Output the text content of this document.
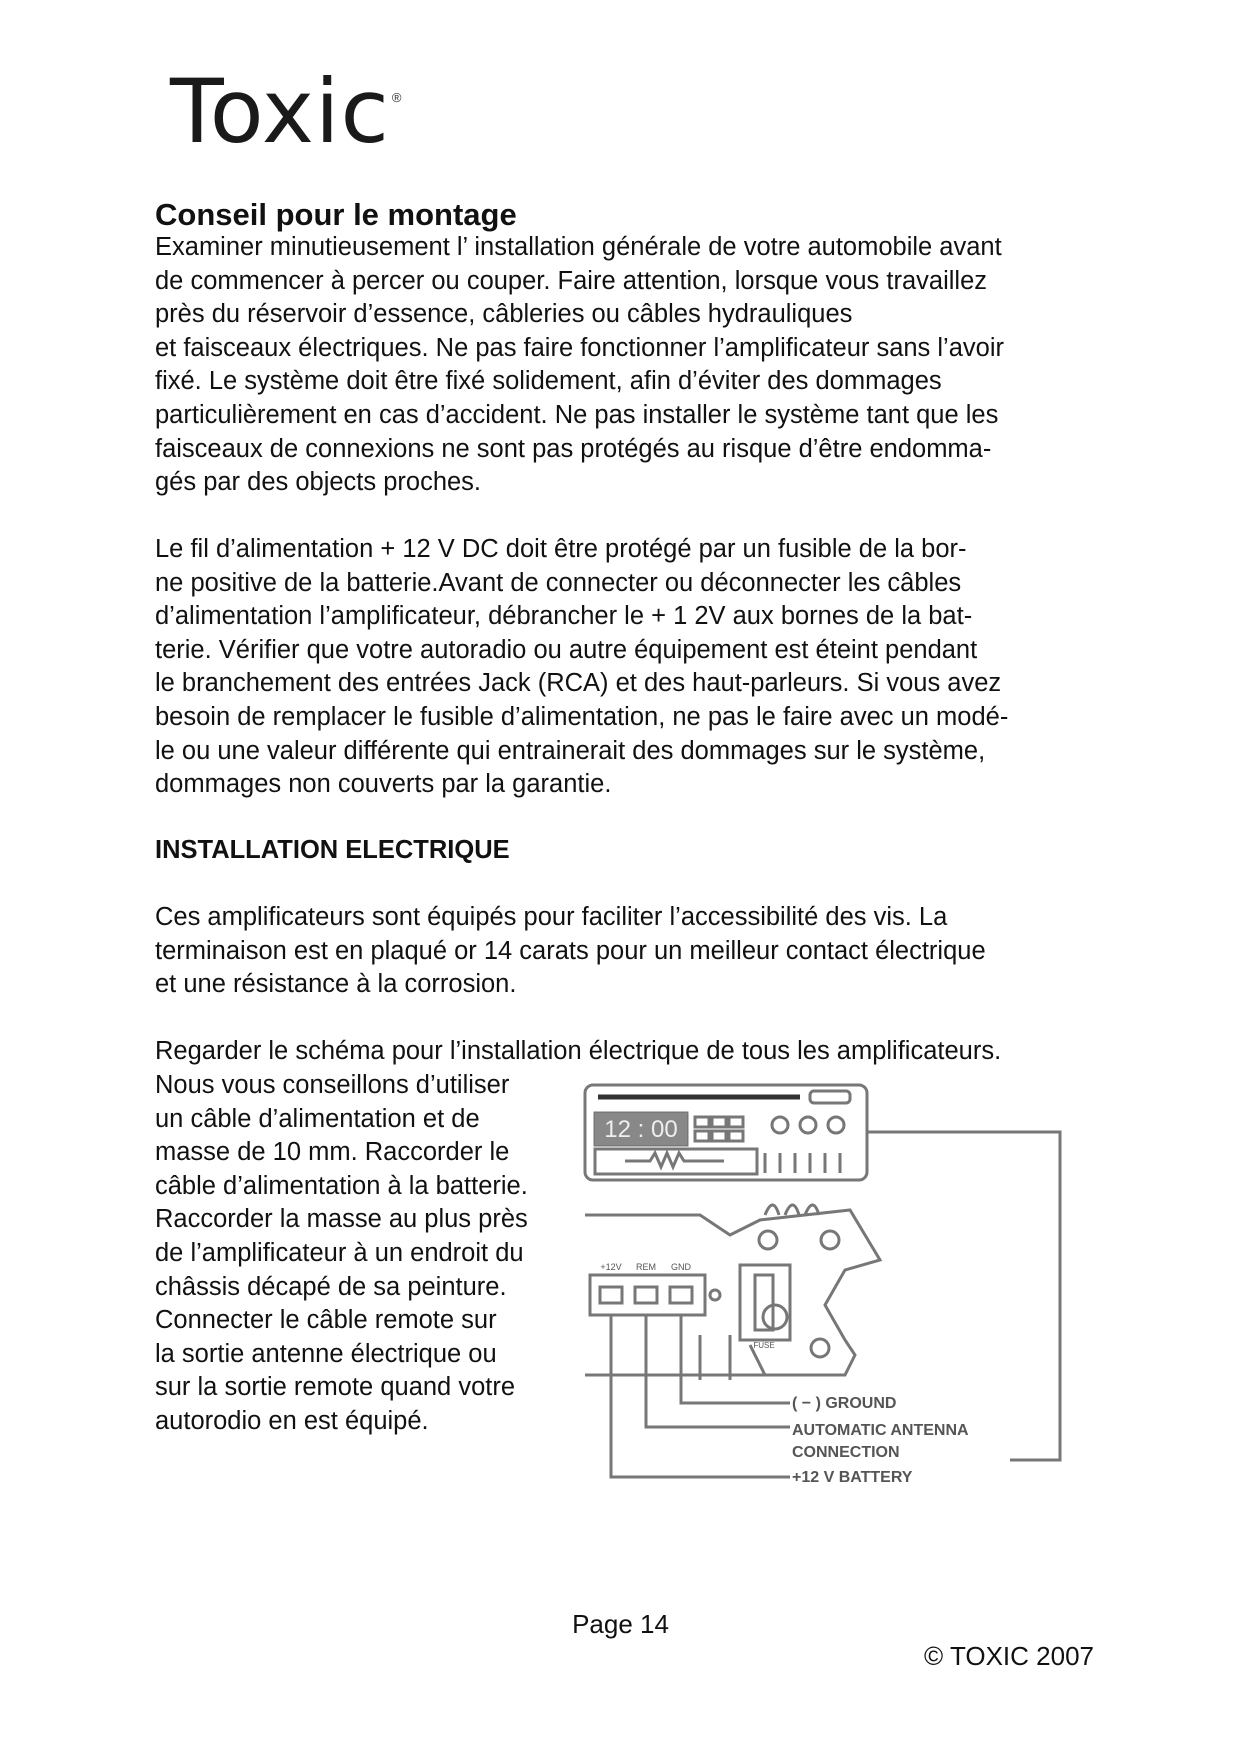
Toxic $_®$
Conseil pour le montage
Examiner minutieusement l’ installation générale de votre automobile avant
de commencer à percer ou couper. Faire attention, lorsque vous travaillez
près du réservoir d’essence, câbleries ou câbles hydrauliques
et faisceaux électriques. Ne pas faire fonctionner l’amplificateur sans l’avoir
fixé. Le système doit être fixé solidement, afin d’éviter des dommages
particulièrement en cas d’accident. Ne pas installer le système tant que les
faisceaux de connexions ne sont pas protégés au risque d’être endomma-
gés par des objects proches.
Le fil d’alimentation + 12 V DC doit être protégé par un fusible de la bor-
ne positive de la batterie.Avant de connecter ou déconnecter les câbles
d’alimentation l’amplificateur, débrancher le + 1 2V aux bornes de la bat-
terie. Vérifier que votre autoradio ou autre équipement est éteint pendant
le branchement des entrées Jack (RCA) et des haut-parleurs. Si vous avez
besoin de remplacer le fusible d’alimentation, ne pas le faire avec un modé-
le ou une valeur différente qui entrainerait des dommages sur le système,
dommages non couverts par la garantie.
INSTALLATION ELECTRIQUE
Ces amplificateurs sont équipés pour faciliter l’accessibilité des vis. La
terminaison est en plaqué or 14 carats pour un meilleur contact électrique
et une résistance à la corrosion.
Regarder le schéma pour l’installation électrique de tous les amplificateurs.
Nous vous conseillons d’utiliser
un câble d’alimentation et de
masse de 10 mm. Raccorder le
câble d’alimentation à la batterie.
Raccorder la masse au plus près
de l’amplificateur à un endroit du
châssis décapé de sa peinture.
Connecter le câble remote sur
la sortie antenne électrique ou
sur la sortie remote quand votre
autorodio en est équipé.
12 : 00
+12V REM GND
FUSE
( − ) GROUND
AUTOMATIC ANTENNA
CONNECTION
+12 V BATTERY
Page 14
© TOXIC 2007
